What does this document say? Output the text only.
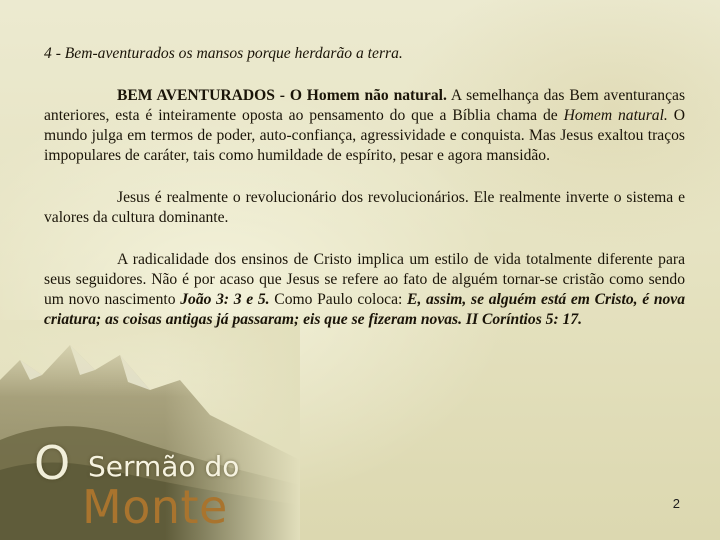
4 - Bem-aventurados os mansos porque herdarão a terra.

BEM AVENTURADOS - O Homem não natural. A semelhança das Bem aventuranças anteriores, esta é inteiramente oposta ao pensamento do que a Bíblia chama de Homem natural. O mundo julga em termos de poder, auto-confiança, agressividade e conquista. Mas Jesus exaltou traços impopulares de caráter, tais como humildade de espírito, pesar e agora mansidão.

Jesus é realmente o revolucionário dos revolucionários. Ele realmente inverte o sistema e valores da cultura dominante.

A radicalidade dos ensinos de Cristo implica um estilo de vida totalmente diferente para seus seguidores. Não é por acaso que Jesus se refere ao fato de alguém tornar-se cristão como sendo um novo nascimento João 3: 3 e 5. Como Paulo coloca: E, assim, se alguém está em Cristo, é nova criatura; as coisas antigas já passaram; eis que se fizeram novas. II Coríntios 5: 17.

O Sermão do
Monte	2
